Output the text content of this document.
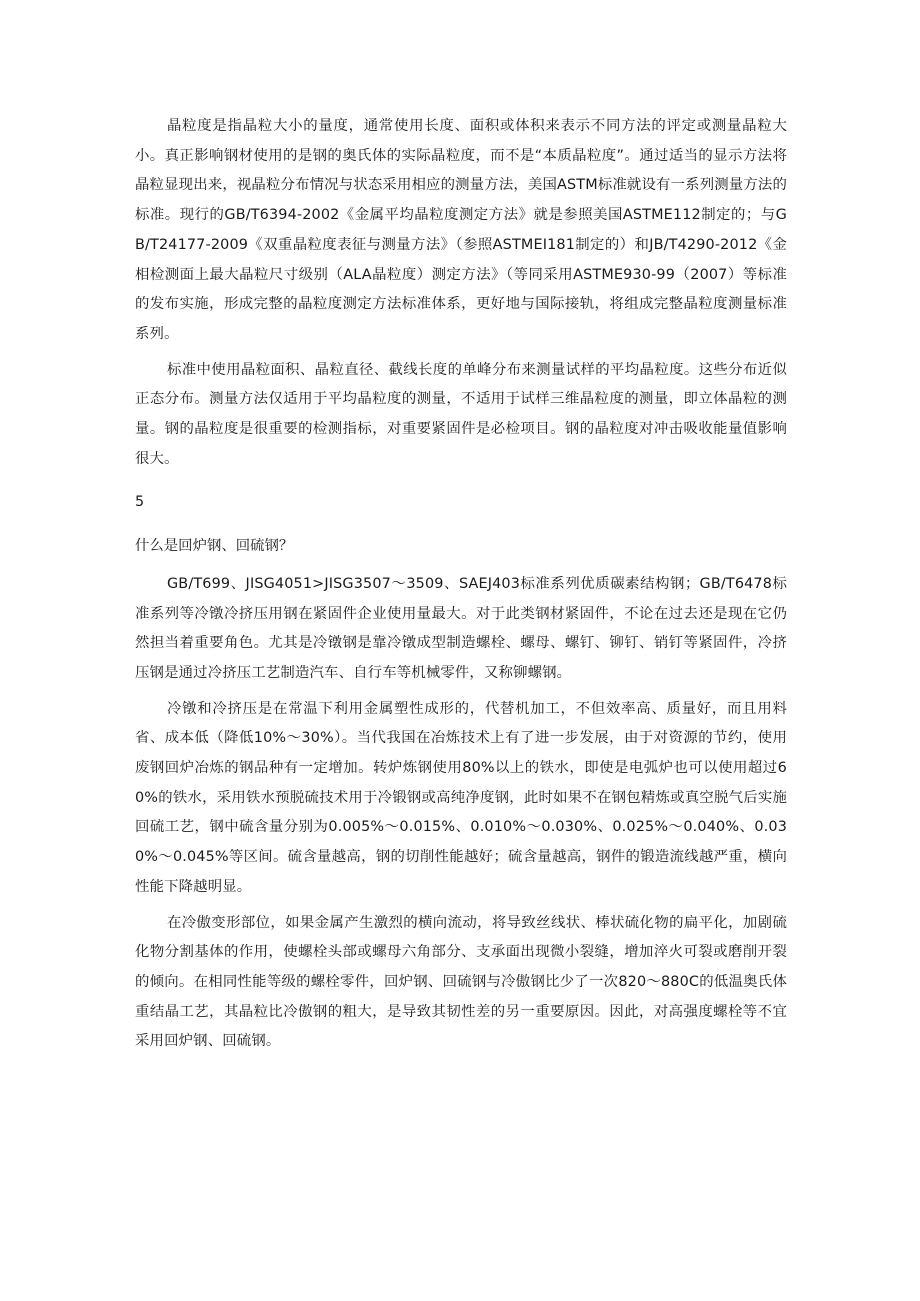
晶粒度是指晶粒大小的量度，通常使用长度、面积或体积来表示不同方法的评定或测量晶粒大小。真正影响钢材使用的是钢的奥氏体的实际晶粒度，而不是“本质晶粒度”。通过适当的显示方法将晶粒显现出来，视晶粒分布情况与状态采用相应的测量方法，美国ASTM标准就设有一系列测量方法的标准。现行的GB/T6394-2002《金属平均晶粒度测定方法》就是参照美国ASTME112制定的；与GB/T24177-2009《双重晶粒度表征与测量方法》（参照ASTMEI181制定的）和JB/T4290-2012《金相检测面上最大晶粒尺寸级别（ALA晶粒度）测定方法》（等同采用ASTME930-99（2007）等标准的发布实施，形成完整的晶粒度测定方法标准体系，更好地与国际接轨，将组成完整晶粒度测量标准系列。

标准中使用晶粒面积、晶粒直径、截线长度的单峰分布来测量试样的平均晶粒度。这些分布近似正态分布。测量方法仅适用于平均晶粒度的测量，不适用于试样三维晶粒度的测量，即立体晶粒的测量。钢的晶粒度是很重要的检测指标，对重要紧固件是必检项目。钢的晶粒度对冲击吸收能量值影响很大。

5

什么是回炉钢、回硫钢？

GB/T699、JISG4051>JISG3507～3509、SAEJ403标准系列优质碳素结构钢；GB/T6478标准系列等冷镦冷挤压用钢在紧固件企业使用量最大。对于此类钢材紧固件，不论在过去还是现在它仍然担当着重要角色。尤其是冷镦钢是靠冷镦成型制造螺栓、螺母、螺钉、铆钉、销钉等紧固件，冷挤压钢是通过冷挤压工艺制造汽车、自行车等机械零件，又称铆螺钢。

冷镦和冷挤压是在常温下利用金属塑性成形的，代替机加工，不但效率高、质量好，而且用料省、成本低（降低10%～30%）。当代我国在冶炼技术上有了进一步发展，由于对资源的节约，使用废钢回炉冶炼的钢品种有一定增加。转炉炼钢使用80%以上的铁水，即使是电弧炉也可以使用超过60%的铁水，采用铁水预脱硫技术用于冷锻钢或高纯净度钢，此时如果不在钢包精炼或真空脱气后实施回硫工艺，钢中硫含量分别为0.005%～0.015%、0.010%～0.030%、0.025%～0.040%、0.030%～0.045%等区间。硫含量越高，钢的切削性能越好；硫含量越高，钢件的锻造流线越严重，横向性能下降越明显。

在冷傲变形部位，如果金属产生激烈的横向流动，将导致丝线状、棒状硫化物的扁平化，加剧硫化物分割基体的作用，使螺栓头部或螺母六角部分、支承面出现微小裂缝，增加淬火可裂或磨削开裂的倾向。在相同性能等级的螺栓零件，回炉钢、回硫钢与冷傲钢比少了一次820～880C的低温奥氏体重结晶工艺，其晶粒比冷傲钢的粗大，是导致其韧性差的另一重要原因。因此，对高强度螺栓等不宜采用回炉钢、回硫钢。
